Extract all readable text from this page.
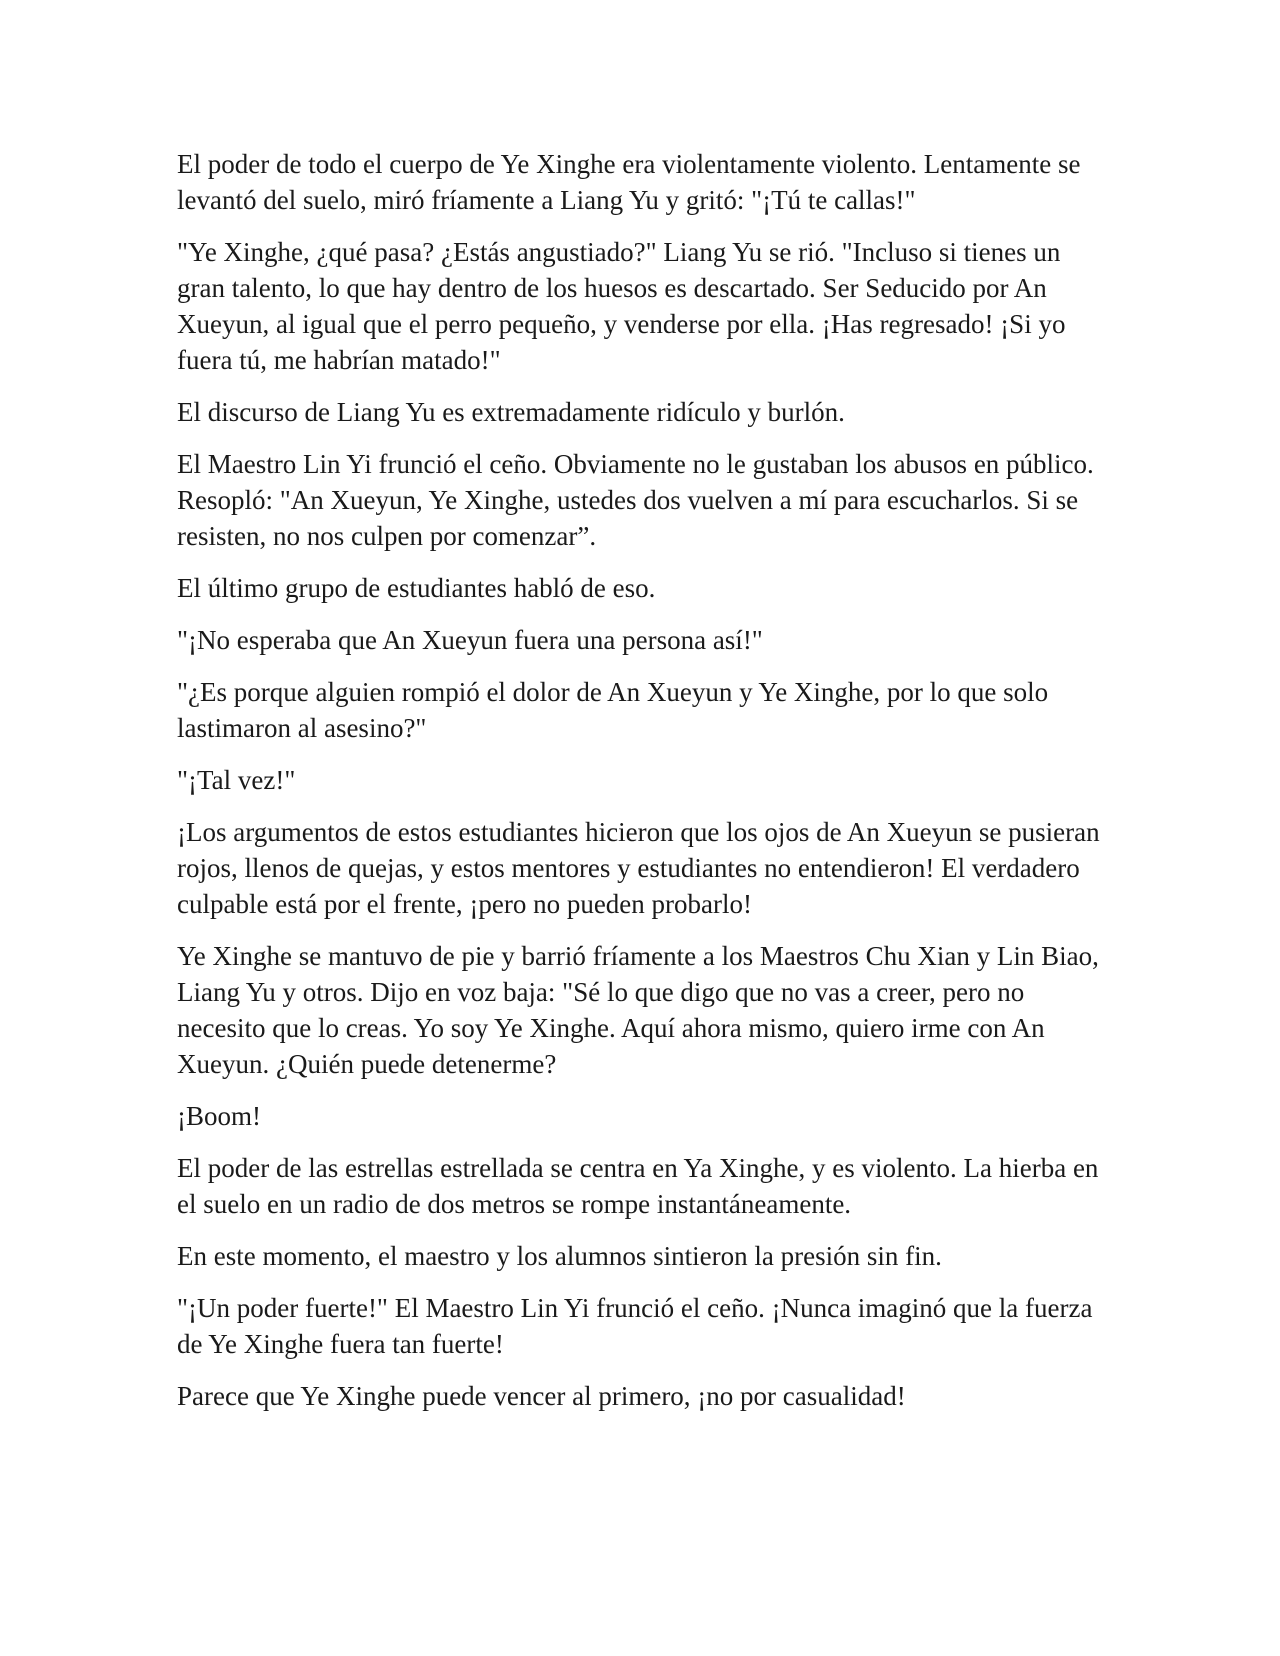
El poder de todo el cuerpo de Ye Xinghe era violentamente violento. Lentamente se levantó del suelo, miró fríamente a Liang Yu y gritó: "¡Tú te callas!"

"Ye Xinghe, ¿qué pasa? ¿Estás angustiado?" Liang Yu se rió. "Incluso si tienes un gran talento, lo que hay dentro de los huesos es descartado. Ser Seducido por An Xueyun, al igual que el perro pequeño, y venderse por ella. ¡Has regresado! ¡Si yo fuera tú, me habrían matado!"

El discurso de Liang Yu es extremadamente ridículo y burlón.

El Maestro Lin Yi frunció el ceño. Obviamente no le gustaban los abusos en público. Resopló: "An Xueyun, Ye Xinghe, ustedes dos vuelven a mí para escucharlos. Si se resisten, no nos culpen por comenzar”.

El último grupo de estudiantes habló de eso.

"¡No esperaba que An Xueyun fuera una persona así!"

"¿Es porque alguien rompió el dolor de An Xueyun y Ye Xinghe, por lo que solo lastimaron al asesino?"

"¡Tal vez!"

¡Los argumentos de estos estudiantes hicieron que los ojos de An Xueyun se pusieran rojos, llenos de quejas, y estos mentores y estudiantes no entendieron! El verdadero culpable está por el frente, ¡pero no pueden probarlo!

Ye Xinghe se mantuvo de pie y barrió fríamente a los Maestros Chu Xian y Lin Biao, Liang Yu y otros. Dijo en voz baja: "Sé lo que digo que no vas a creer, pero no necesito que lo creas. Yo soy Ye Xinghe. Aquí ahora mismo, quiero irme con An Xueyun. ¿Quién puede detenerme?

¡Boom!

El poder de las estrellas estrellada se centra en Ya Xinghe, y es violento. La hierba en el suelo en un radio de dos metros se rompe instantáneamente.

En este momento, el maestro y los alumnos sintieron la presión sin fin.

"¡Un poder fuerte!" El Maestro Lin Yi frunció el ceño. ¡Nunca imaginó que la fuerza de Ye Xinghe fuera tan fuerte!

Parece que Ye Xinghe puede vencer al primero, ¡no por casualidad!
